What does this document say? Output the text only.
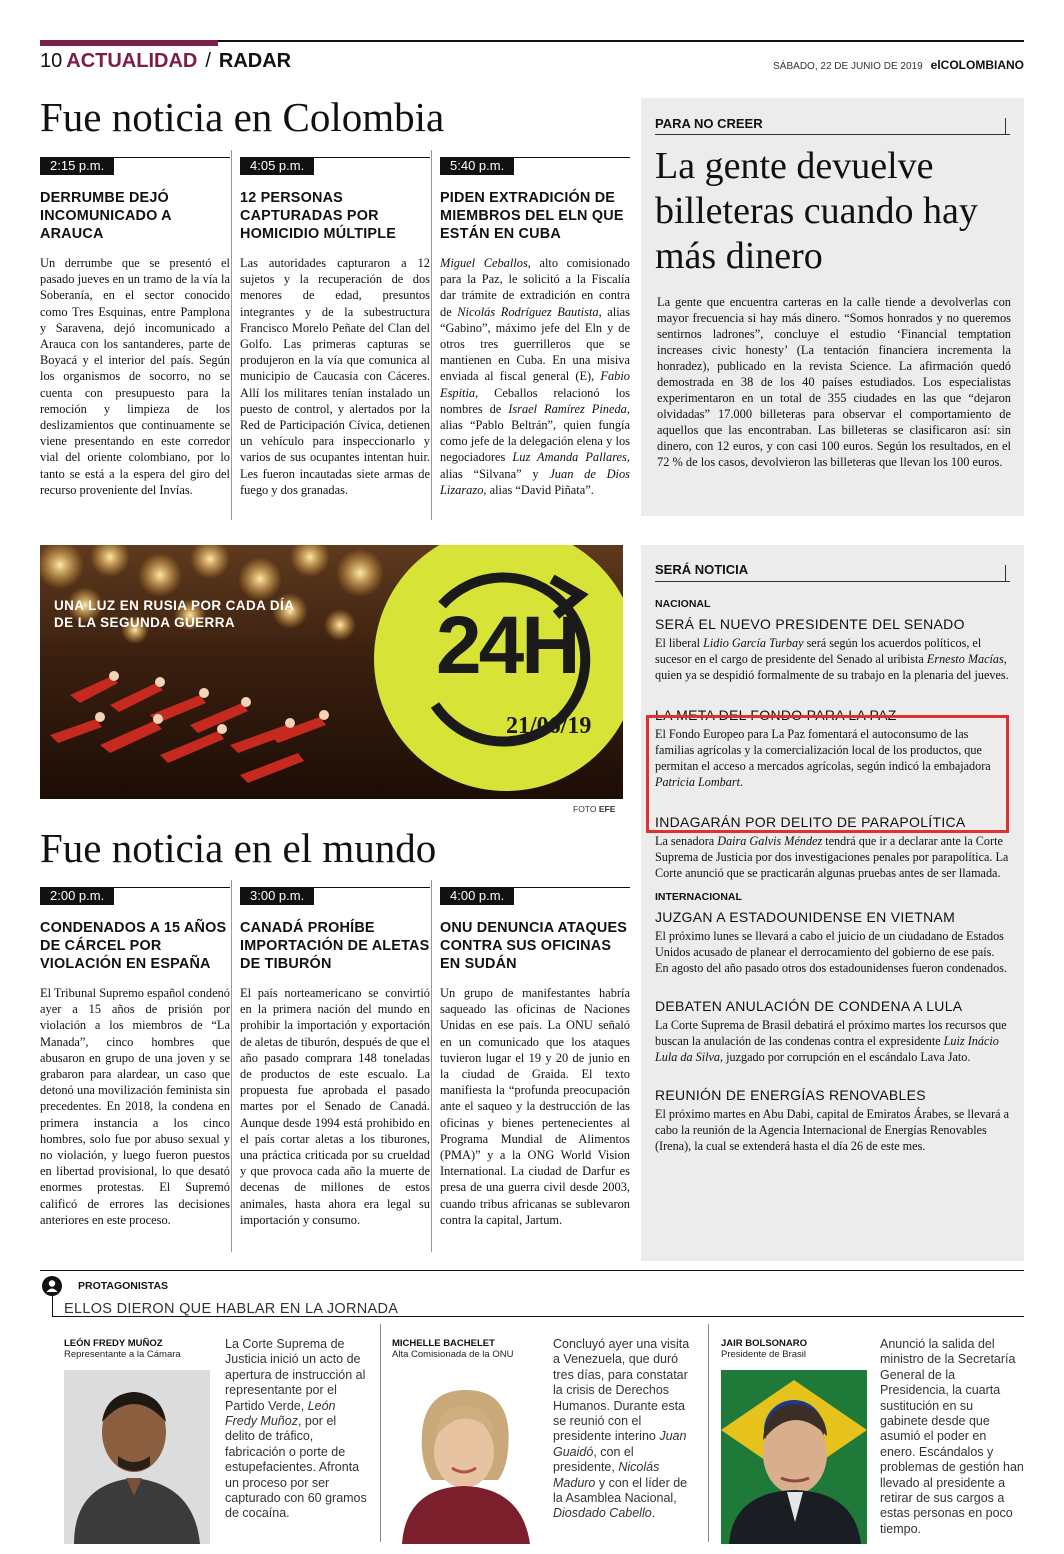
10 ACTUALIDAD / RADAR	SÁBADO, 22 DE JUNIO DE 2019 elCOLOMBIANO
Fue noticia en Colombia
2:15 p.m.
DERRUMBE DEJÓ INCOMUNICADO A ARAUCA
Un derrumbe que se presentó el pasado jueves en un tramo de la vía la Soberanía, en el sector conocido como Tres Esquinas, entre Pamplona y Saravena, dejó incomunicado a Arauca con los santanderes, parte de Boyacá y el interior del país. Según los organismos de socorro, no se cuenta con presupuesto para la remoción y limpieza de los deslizamientos que continuamente se viene presentando en este corredor vial del oriente colombiano, por lo tanto se está a la espera del giro del recurso proveniente del Invías.
4:05 p.m.
12 PERSONAS CAPTURADAS POR HOMICIDIO MÚLTIPLE
Las autoridades capturaron a 12 sujetos y la recuperación de dos menores de edad, presuntos integrantes y de la subestructura Francisco Morelo Peñate del Clan del Golfo. Las primeras capturas se produjeron en la vía que comunica al municipio de Caucasia con Cáceres. Allí los militares tenían instalado un puesto de control, y alertados por la Red de Participación Cívica, detienen un vehículo para inspeccionarlo y varios de sus ocupantes intentan huir. Les fueron incautadas siete armas de fuego y dos granadas.
5:40 p.m.
PIDEN EXTRADICIÓN DE MIEMBROS DEL ELN QUE ESTÁN EN CUBA
Miguel Ceballos, alto comisionado para la Paz, le solicitó a la Fiscalía dar trámite de extradición en contra de Nicolás Rodríguez Bautista, alias “Gabino”, máximo jefe del Eln y de otros tres guerrilleros que se mantienen en Cuba. En una misiva enviada al fiscal general (E), Fabio Espitia, Ceballos relacionó los nombres de Israel Ramírez Pineda, alias “Pablo Beltrán”, quien fungía como jefe de la delegación elena y los negociadores Luz Amanda Pallares, alias “Silvana” y Juan de Dios Lizarazo, alias “David Piñata”.
PARA NO CREER
La gente devuelve billeteras cuando hay más dinero
La gente que encuentra carteras en la calle tiende a devolverlas con mayor frecuencia si hay más dinero. “Somos honrados y no queremos sentirnos ladrones”, concluye el estudio ‘Financial temptation increases civic honesty’ (La tentación financiera incrementa la honradez), publicado en la revista Science. La afirmación quedó demostrada en 38 de los 40 países estudiados. Los especialistas experimentaron en un total de 355 ciudades en las que “dejaron olvidadas” 17.000 billeteras para observar el comportamiento de aquellos que las encontraban. Las billeteras se clasificaron así: sin dinero, con 12 euros, y con casi 100 euros. Según los resultados, en el 72 % de los casos, devolvieron las billeteras que llevan los 100 euros.
UNA LUZ EN RUSIA POR CADA DÍA DE LA SEGUNDA GUERRA	24H
21/06/19
FOTO EFE
SERÁ NOTICIA
NACIONAL
SERÁ EL NUEVO PRESIDENTE DEL SENADO
El liberal Lidio García Turbay será según los acuerdos políticos, el sucesor en el cargo de presidente del Senado al uribista Ernesto Macías, quien ya se despidió formalmente de su trabajo en la plenaria del jueves.
LA META DEL FONDO PARA LA PAZ
El Fondo Europeo para La Paz fomentará el autoconsumo de las familias agrícolas y la comercialización local de los productos, que permitan el acceso a mercados agrícolas, según indicó la embajadora Patricia Lombart.
INDAGARÁN POR DELITO DE PARAPOLÍTICA
La senadora Daira Galvis Méndez tendrá que ir a declarar ante la Corte Suprema de Justicia por dos investigaciones penales por parapolítica. La Corte anunció que se practicarán algunas pruebas antes de ser llamada.
INTERNACIONAL
JUZGAN A ESTADOUNIDENSE EN VIETNAM
El próximo lunes se llevará a cabo el juicio de un ciudadano de Estados Unidos acusado de planear el derrocamiento del gobierno de ese país. En agosto del año pasado otros dos estadounidenses fueron condenados.
DEBATEN ANULACIÓN DE CONDENA A LULA
La Corte Suprema de Brasil debatirá el próximo martes los recursos que buscan la anulación de las condenas contra el expresidente Luiz Inácio Lula da Silva, juzgado por corrupción en el escándalo Lava Jato.
REUNIÓN DE ENERGÍAS RENOVABLES
El próximo martes en Abu Dabi, capital de Emiratos Árabes, se llevará a cabo la reunión de la Agencia Internacional de Energías Renovables (Irena), la cual se extenderá hasta el día 26 de este mes.
Fue noticia en el mundo
2:00 p.m.
CONDENADOS A 15 AÑOS DE CÁRCEL POR VIOLACIÓN EN ESPAÑA
El Tribunal Supremo español condenó ayer a 15 años de prisión por violación a los miembros de “La Manada”, cinco hombres que abusaron en grupo de una joven y se grabaron para alardear, un caso que detonó una movilización feminista sin precedentes. En 2018, la condena en primera instancia a los cinco hombres, solo fue por abuso sexual y no violación, y luego fueron puestos en libertad provisional, lo que desató enormes protestas. El Supremó calificó de errores las decisiones anteriores en este proceso.
3:00 p.m.
CANADÁ PROHÍBE IMPORTACIÓN DE ALETAS DE TIBURÓN
El país norteamericano se convirtió en la primera nación del mundo en prohibir la importación y exportación de aletas de tiburón, después de que el año pasado comprara 148 toneladas de productos de este escualo. La propuesta fue aprobada el pasado martes por el Senado de Canadá. Aunque desde 1994 está prohibido en el país cortar aletas a los tiburones, una práctica criticada por su crueldad y que provoca cada año la muerte de decenas de millones de estos animales, hasta ahora era legal su importación y consumo.
4:00 p.m.
ONU DENUNCIA ATAQUES CONTRA SUS OFICINAS EN SUDÁN
Un grupo de manifestantes habría saqueado las oficinas de Naciones Unidas en ese país. La ONU señaló en un comunicado que los ataques tuvieron lugar el 19 y 20 de junio en la ciudad de Graida. El texto manifiesta la “profunda preocupación ante el saqueo y la destrucción de las oficinas y bienes pertenecientes al Programa Mundial de Alimentos (PMA)” y a la ONG World Vision International. La ciudad de Darfur es presa de una guerra civil desde 2003, cuando tribus africanas se sublevaron contra la capital, Jartum.
PROTAGONISTAS
ELLOS DIERON QUE HABLAR EN LA JORNADA
LEÓN FREDY MUÑOZ
Representante a la Cámara
La Corte Suprema de Justicia inició un acto de apertura de instrucción al representante por el Partido Verde, León Fredy Muñoz, por el delito de tráfico, fabricación o porte de estupefacientes. Afronta un proceso por ser capturado con 60 gramos de cocaína.
MICHELLE BACHELET
Alta Comisionada de la ONU
Concluyó ayer una visita a Venezuela, que duró tres días, para constatar la crisis de Derechos Humanos. Durante esta se reunió con el presidente interino Juan Guaidó, con el presidente, Nicolás Maduro y con el líder de la Asamblea Nacional, Diosdado Cabello.
JAIR BOLSONARO
Presidente de Brasil
Anunció la salida del ministro de la Secretaría General de la Presidencia, la cuarta sustitución en su gabinete desde que asumió el poder en enero. Escándalos y problemas de gestión han llevado al presidente a retirar de sus cargos a estas personas en poco tiempo.
